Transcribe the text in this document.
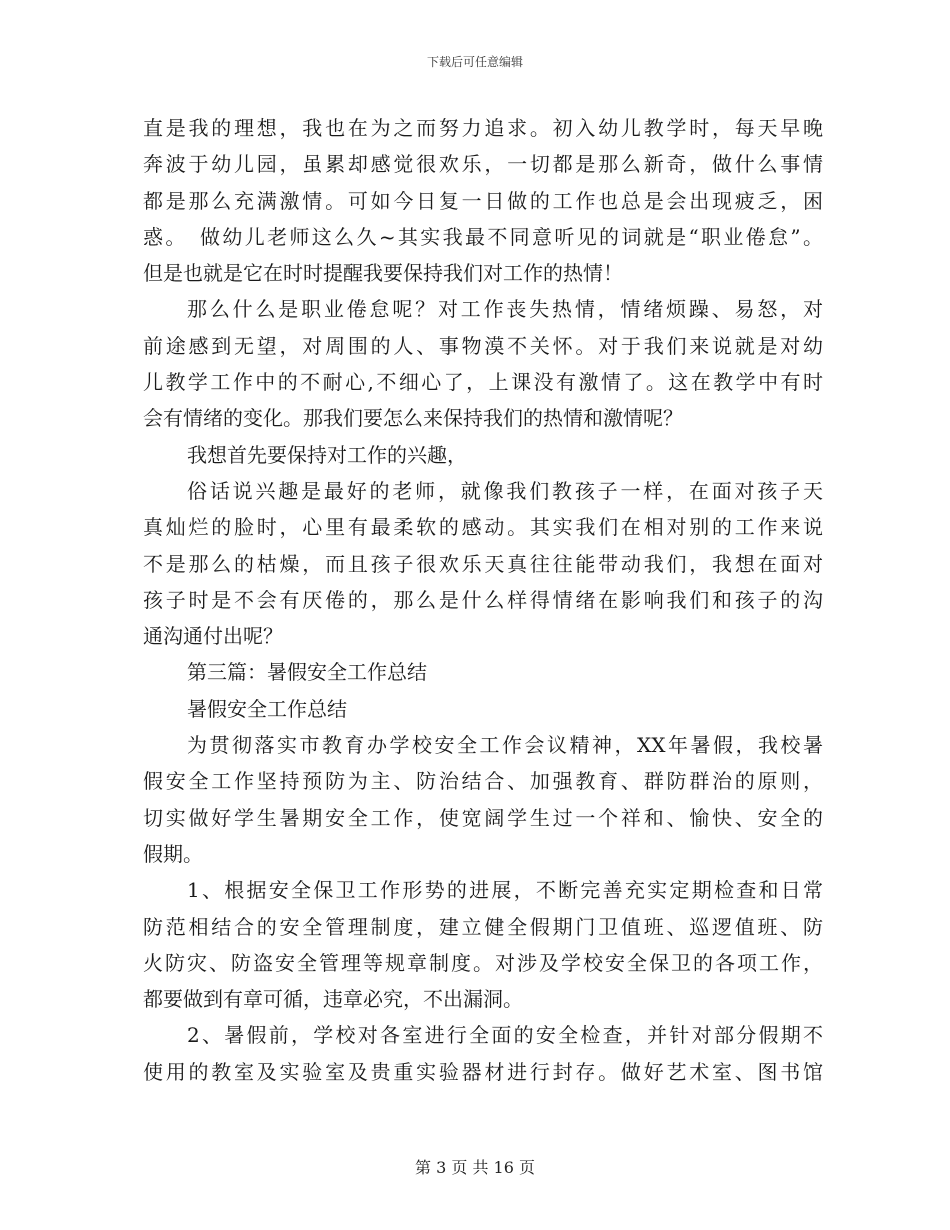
下载后可任意编辑
直是我的理想，我也在为之而努力追求。初入幼儿教学时，每天早晚
奔波于幼儿园，虽累却感觉很欢乐，一切都是那么新奇，做什么事情
都是那么充满激情。可如今日复一日做的工作也总是会出现疲乏，困
惑。　做幼儿老师这么久~其实我最不同意听见的词就是“职业倦怠”。
但是也就是它在时时提醒我要保持我们对工作的热情！
那么什么是职业倦怠呢？对工作丧失热情，情绪烦躁、易怒，对
前途感到无望，对周围的人、事物漠不关怀。对于我们来说就是对幼
儿教学工作中的不耐心,不细心了，上课没有激情了。这在教学中有时
会有情绪的变化。那我们要怎么来保持我们的热情和激情呢？
我想首先要保持对工作的兴趣，
俗话说兴趣是最好的老师，就像我们教孩子一样，在面对孩子天
真灿烂的脸时，心里有最柔软的感动。其实我们在相对别的工作来说
不是那么的枯燥，而且孩子很欢乐天真往往能带动我们，我想在面对
孩子时是不会有厌倦的，那么是什么样得情绪在影响我们和孩子的沟
通沟通付出呢？
第三篇：暑假安全工作总结
暑假安全工作总结
为贯彻落实市教育办学校安全工作会议精神，XX年暑假，我校暑
假安全工作坚持预防为主、防治结合、加强教育、群防群治的原则，
切实做好学生暑期安全工作，使宽阔学生过一个祥和、愉快、安全的
假期。
1、根据安全保卫工作形势的进展，不断完善充实定期检查和日常
防范相结合的安全管理制度，建立健全假期门卫值班、巡逻值班、防
火防灾、防盗安全管理等规章制度。对涉及学校安全保卫的各项工作，
都要做到有章可循，违章必究，不出漏洞。
2、暑假前，学校对各室进行全面的安全检查，并针对部分假期不
使用的教室及实验室及贵重实验器材进行封存。做好艺术室、图书馆
第 3 页 共 16 页
